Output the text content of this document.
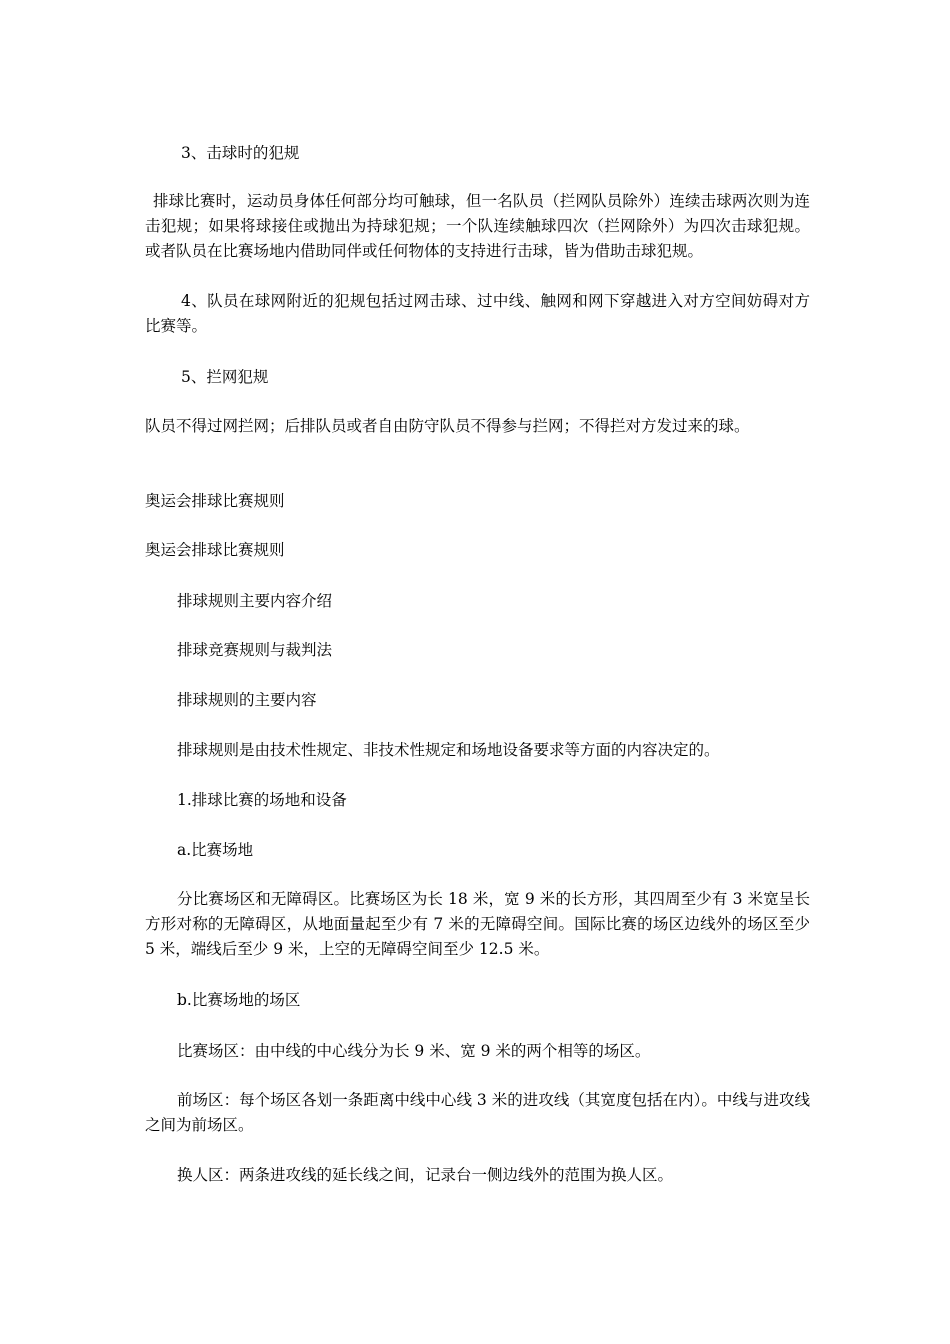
3、击球时的犯规

排球比赛时，运动员身体任何部分均可触球，但一名队员（拦网队员除外）连续击球两次则为连击犯规；如果将球接住或抛出为持球犯规；一个队连续触球四次（拦网除外）为四次击球犯规。或者队员在比赛场地内借助同伴或任何物体的支持进行击球，皆为借助击球犯规。

4、队员在球网附近的犯规包括过网击球、过中线、触网和网下穿越进入对方空间妨碍对方比赛等。

5、拦网犯规

队员不得过网拦网；后排队员或者自由防守队员不得参与拦网；不得拦对方发过来的球。

奥运会排球比赛规则

奥运会排球比赛规则

排球规则主要内容介绍

排球竞赛规则与裁判法

排球规则的主要内容

排球规则是由技术性规定、非技术性规定和场地设备要求等方面的内容决定的。

1.排球比赛的场地和设备

a.比赛场地

分比赛场区和无障碍区。比赛场区为长 18 米，宽 9 米的长方形，其四周至少有 3 米宽呈长方形对称的无障碍区，从地面量起至少有 7 米的无障碍空间。国际比赛的场区边线外的场区至少 5 米，端线后至少 9 米，上空的无障碍空间至少 12.5 米。

b.比赛场地的场区

比赛场区：由中线的中心线分为长 9 米、宽 9 米的两个相等的场区。

前场区：每个场区各划一条距离中线中心线 3 米的进攻线（其宽度包括在内）。中线与进攻线之间为前场区。

换人区：两条进攻线的延长线之间，记录台一侧边线外的范围为换人区。
